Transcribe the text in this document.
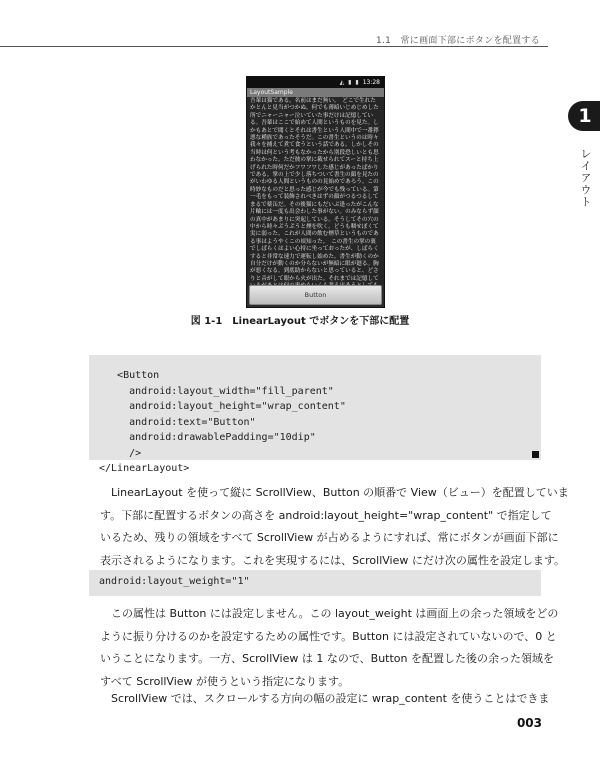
1.1　常に画面下部にボタンを配置する
1
レイアウト
◭ ▮ ▮ 13:28
LayoutSample
吾輩は猫である。名前はまだ無い。　どこで生れたかとんと見当がつかぬ。何でも薄暗いじめじめした所でニャーニャー泣いていた事だけは記憶している。吾輩はここで始めて人間というものを見た。しかもあとで聞くとそれは書生という人間中で一番獰悪な種族であったそうだ。この書生というのは時々我々を捕えて煮て食うという話である。しかしその当時は何という考もなかったから別段恐しいとも思わなかった。ただ彼の掌に載せられてスーと持ち上げられた時何だかフワフワした感じがあったばかりである。掌の上で少し落ちついて書生の顔を見たのがいわゆる人間というものの見始めであろう。この時妙なものだと思った感じが今でも残っている。第一毛をもって装飾されべきはずの顔がつるつるしてまるで薬缶だ。その後猫にもだいぶ逢ったがこんな片輪には一度も出会わした事がない。のみならず顔の真中があまりに突起している。そうしてその穴の中から時々ぷうぷうと煙を吹く。どうも咽せぽくて実に弱った。これが人間の飲む煙草というものである事はようやくこの頃知った。　この書生の掌の裏でしばらくはよい心持に坐っておったが、しばらくすると非常な速力で運転し始めた。書生が動くのか自分だけが動くのか分らないが無暗に眼が廻る。胸が悪くなる。到底助からないと思っていると、どさりと音がして眼から火が出た。それまでは記憶して
Button
図 1-1　LinearLayout でボタンを下部に配置
<Button
android:layout_width="fill_parent"
android:layout_height="wrap_content"
android:text="Button"
android:drawablePadding="10dip"
/>
</LinearLayout>

LinearLayout を使って縦に ScrollView、Button の順番で View（ビュー）を配置していま
す。下部に配置するボタンの高さを android:layout_height="wrap_content" で指定して
いるため、残りの領域をすべて ScrollView が占めるようにすれば、常にボタンが画面下部に
表示されるようになります。これを実現するには、ScrollView にだけ次の属性を設定します。

android:layout_weight="1"

この属性は Button には設定しません。この layout_weight は画面上の余った領域をどの
ように振り分けるのかを設定するための属性です。Button には設定されていないので、0 と
いうことになります。一方、ScrollView は 1 なので、Button を配置した後の余った領域を
すべて ScrollView が使うという指定になります。

ScrollView では、スクロールする方向の幅の設定に wrap_content を使うことはできま

003
